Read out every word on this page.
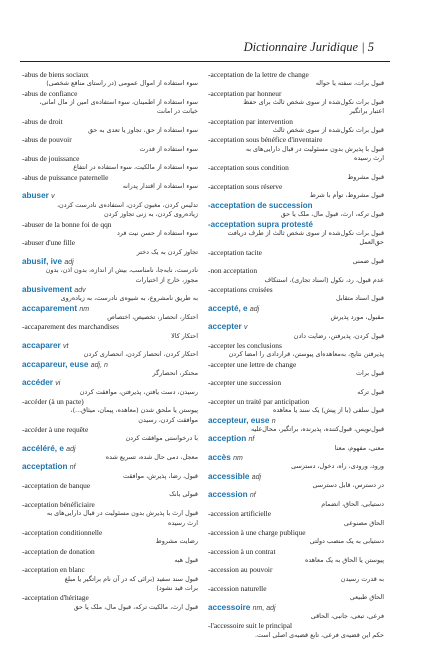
Dictionnaire Juridique | 5
-abus de biens sociaux
سوء استفاده از اموال عمومی (در راستای منافع شخصی)
-abus de confiance
سوء استفاده از اطمینان، سوء استفاده‌ی امین از مال امانی،
خیانت در امانت
-abus de droit
سوء استفاده از حق، تجاوز یا تعدی به حق
-abus de pouvoir
سوء استفاده از قدرت
-abus de jouissance
سوء استفاده از مالکیت، سوء استفاده در انتفاع
-abus de puissance paternelle
سوء استفاده از اقتدار پدرانه
abuser v
تدلیس کردن، مغبون کردن، استفاده‌ی نادرست کردن،
زیاده‌روی کردن، به زنی تجاوز کردن
-abuser de la bonne foi de qqn
سوء استفاده از حسن نیت فرد
-abuser d'une fille
تجاوز کردن به یک دختر
abusif, ive adj
نادرست، نابه‌جا، نامناسب، بیش از اندازه، بدون اذن، بدون
مجوز، خارج از اختیارات
abusivement adv
به طریق نامشروع، به شیوه‌ی نادرست، به زیاده‌روی
accaparement nm
احتکار، انحصار، تخصیص، اختصاص
-accaparement des marchandises
احتکار کالا
accaparer vt
احتکار کردن، انحصار کردن، انحصاری کردن
accapareur, euse adj, n
محتکر، انحصارگر
accéder vi
رسیدن، دست یافتن، پذیرفتن، موافقت کردن
-accéder (à un pacte)
پیوستن یا ملحق شدن (معاهده، پیمان، میثاق...)،
موافقت کردن، رسیدن
-accéder à une requête
با درخواستی موافقت کردن
accéléré, e adj
معجل، دمی حال شده، تسریع شده
acceptation nf
قبول، رضا، پذیرش، موافقت
-acceptation de banque
قبولی بانک
-acceptation bénéficiaire
قبول ارث با پذیرش بدون مسئولیت در قبال دارایی‌های به
ارث رسیده
-acceptation conditionnelle
رضایت مشروط
-acceptation de donation
قبول هبه
-acceptation en blanc
قبول سند سفید (برائی که در آن نام براتگیر یا مبلغ
برات قید نشود)
-acceptation d'héritage
قبول ارث، مالکیت ترکه، قبول مال، ملک یا حق
-acceptation de la lettre de change
قبول برات، سفته یا حواله
-acceptation par honneur
قبول برات نکول‌شده از سوی شخص ثالث برای حفظ
اعتبار براتگیر
-acceptation par intervention
قبول برات نکول‌شده از سوی شخص ثالث
-acceptation sous bénéfice d'inventaire
قبول با پذیرش بدون مسئولیت در قبال دارایی‌های به
ارث رسیده
-acceptation sous condition
قبول مشروط
-acceptation sous réserve
قبول مشروط، توأم با شرط
-acceptation de succession
قبول ترکه، ارث، قبول مال، ملک یا حق
-acceptation supra protesté
قبول برات نکول‌شده از سوی شخص ثالث از طرف دریافت
حق‌العمل
-acceptation tacite
قبول ضمنی
-non acceptation
عدم قبول، رد، نکول (اسناد تجاری)، استنکاف
-acceptations croisées
قبول اسناد متقابل
accepté, e adj
مقبول، مورد پذیرش
accepter v
قبول کردن، پذیرفتن، رضایت دادن
-accepter les conclusions
پذیرفتن نتایج، به‌معاهده‌ای پیوستن، قراردادی را امضا کردن
-accepter une lettre de change
قبول برات
-accepter une succession
قبول ترکه
-accepter un traité par anticipation
قبول سلفی (با از پیش) یک سند یا معاهده
accepteur, euse n
قبول‌نویس، قبول‌کننده، پذیرنده، براتگیر، محال‌علیه
acception nf
معنی، مفهوم، معنا
accès nm
ورود، ورودی، راه، دخول، دسترسی
accessible adj
در دسترس، قابل دسترسی
accession nf
دستیابی، الحاق، انضمام
-accession artificielle
الحاق مصنوعی
-accession à une charge publique
دستیابی به یک منصب دولتی
-accession à un contrat
پیوستن یا الحاق به یک معاهده
-accession au pouvoir
به قدرت رسیدن
-accession naturelle
الحاق طبیعی
accessoire nm, adj
فرعی، تبعی، جانبی، الحاقی
-l'accessoire suit le principal
حکم این قضیه‌ی فرعی، تابع قضیه‌ی اصلی است.
